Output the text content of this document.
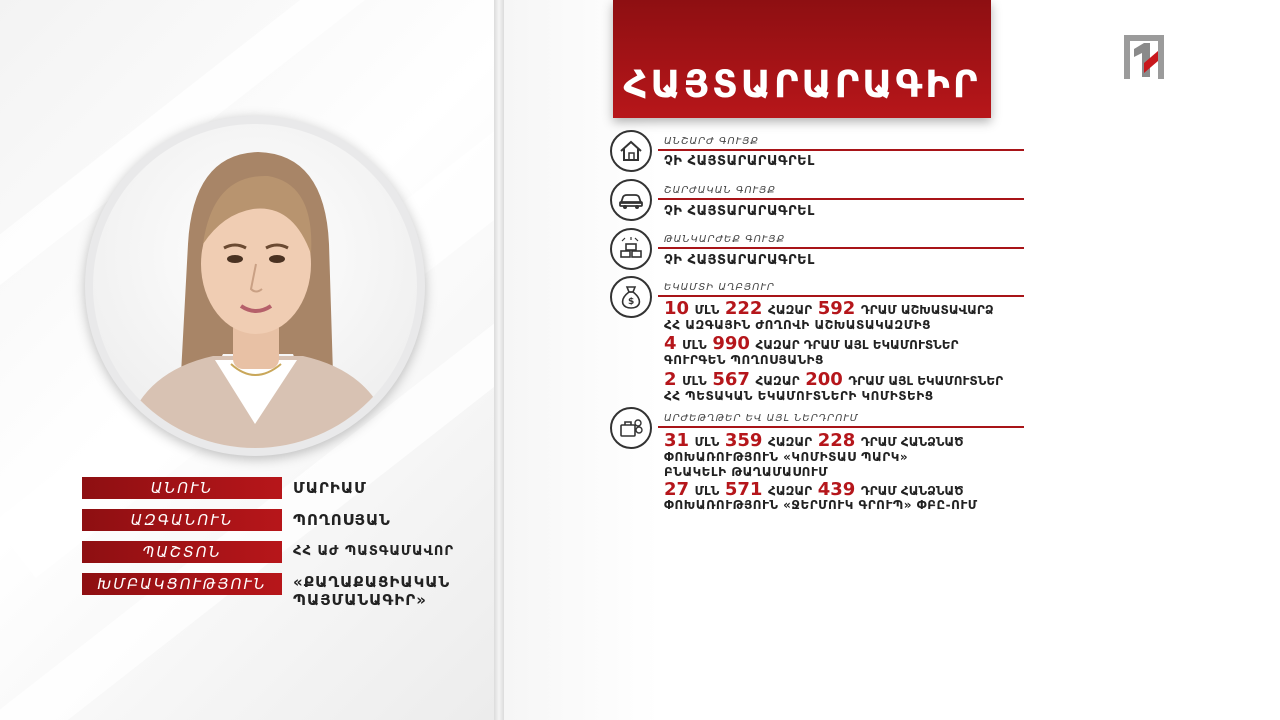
ՀԱՅՏԱՐԱՐԱԳԻՐ
ԱՆՇԱՐԺ ԳՈՒՅՔ
ՉԻ ՀԱՅՏԱՐԱՐԱԳՐԵԼ
ՇԱՐԺԱԿԱՆ ԳՈՒՅՔ
ՉԻ ՀԱՅՏԱՐԱՐԱԳՐԵԼ
ԹԱՆԿԱՐԺԵՔ ԳՈՒՅՔ
ՉԻ ՀԱՅՏԱՐԱՐԱԳՐԵԼ
$
ԵԿԱՄՏԻ ԱՂԲՅՈՒՐ
10 ՄԼՆ 222 ՀԱԶԱՐ 592 ԴՐԱՄ ԱՇԽԱՏԱՎԱՐՁ
ՀՀ ԱԶԳԱՅԻՆ ԺՈՂՈՎԻ ԱՇԽԱՏԱԿԱԶՄԻՑ
4 ՄԼՆ 990 ՀԱԶԱՐ ԴՐԱՄ ԱՅԼ ԵԿԱՄՈՒՏՆԵՐ
ԳՈՒՐԳԵՆ ՊՈՂՈՍՅԱՆԻՑ
2 ՄԼՆ 567 ՀԱԶԱՐ 200 ԴՐԱՄ ԱՅԼ ԵԿԱՄՈՒՏՆԵՐ
ՀՀ ՊԵՏԱԿԱՆ ԵԿԱՄՈՒՏՆԵՐԻ ԿՈՄԻՏԵԻՑ
ԱՐԺԵԹՂԹԵՐ ԵՎ ԱՅԼ ՆԵՐԴՐՈՒՄ
31 ՄԼՆ 359 ՀԱԶԱՐ 228 ԴՐԱՄ ՀԱՆՁՆԱԾ
ՓՈԽԱՌՈՒԹՅՈՒՆ «ԿՈՄԻՏԱՍ ՊԱՐԿ»
ԲՆԱԿԵԼԻ ԹԱՂԱՄԱՍՈՒՄ
27 ՄԼՆ 571 ՀԱԶԱՐ 439 ԴՐԱՄ ՀԱՆՁՆԱԾ
ՓՈԽԱՌՈՒԹՅՈՒՆ «ՋԵՐՄՈՒԿ ԳՐՈՒՊ» ՓԲԸ-ՈՒՄ
ԱՆՈՒՆ	ՄԱՐԻԱՄ
ԱԶԳԱՆՈՒՆ	ՊՈՂՈՍՅԱՆ
ՊԱՇՏՈՆ	ՀՀ ԱԺ ՊԱՏԳԱՄԱՎՈՐ
ԽՄԲԱԿՑՈՒԹՅՈՒՆ	«ՔԱՂԱՔԱՑԻԱԿԱՆ
ՊԱՅՄԱՆԱԳԻՐ»
